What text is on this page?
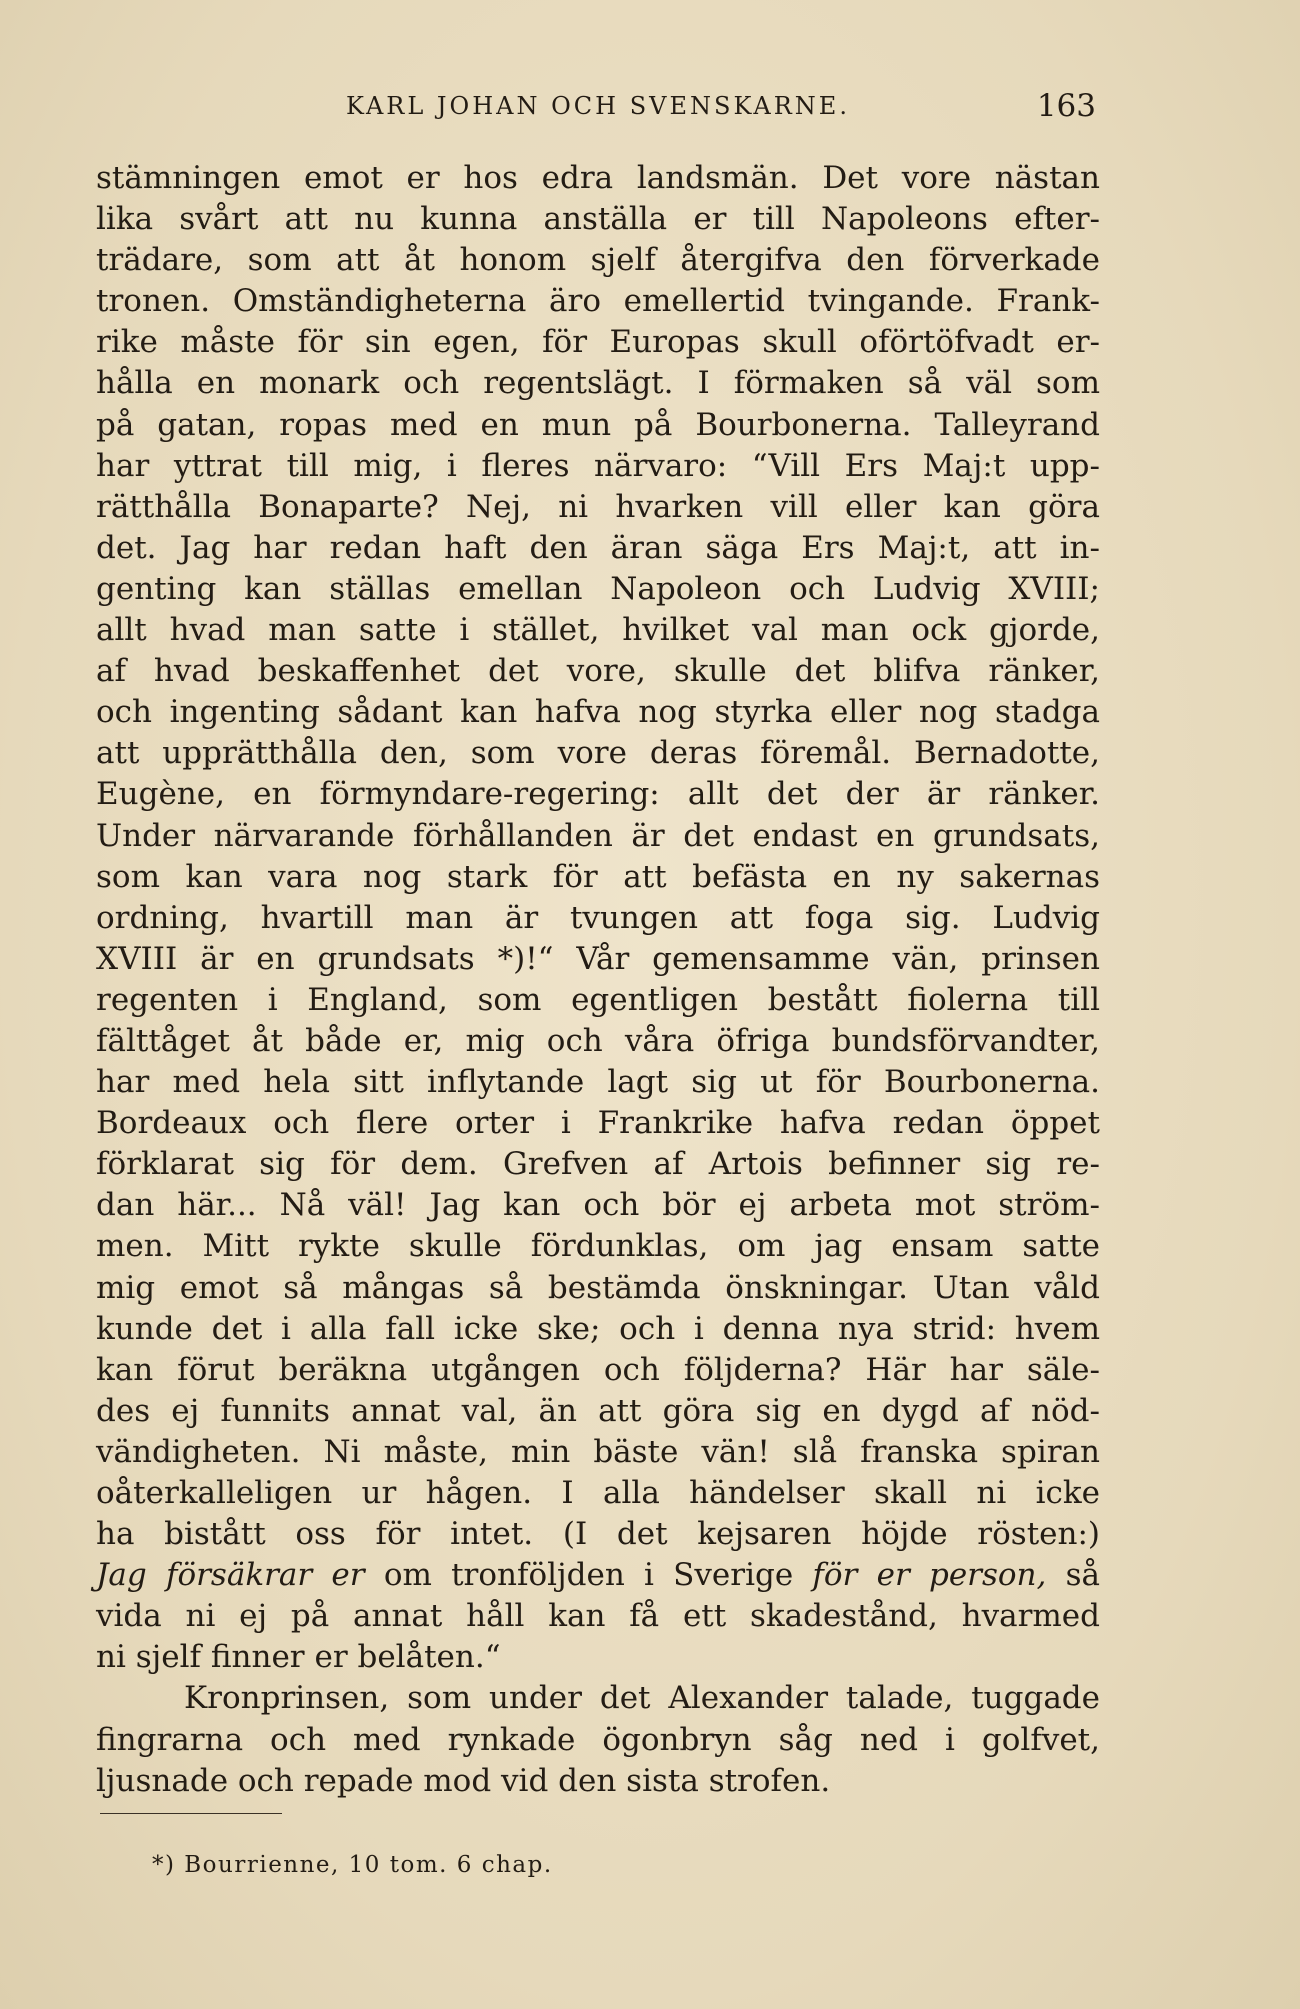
KARL JOHAN OCH SVENSKARNE.	163
stämningen emot er hos edra landsmän. Det vore nästan
lika svårt att nu kunna anställa er till Napoleons efter-
trädare, som att åt honom sjelf återgifva den förverkade
tronen. Omständigheterna äro emellertid tvingande. Frank-
rike måste för sin egen, för Europas skull oförtöfvadt er-
hålla en monark och regentslägt. I förmaken så väl som
på gatan, ropas med en mun på Bourbonerna. Talleyrand
har yttrat till mig, i fleres närvaro: “Vill Ers Maj:t upp-
rätthålla Bonaparte? Nej, ni hvarken vill eller kan göra
det. Jag har redan haft den äran säga Ers Maj:t, att in-
genting kan ställas emellan Napoleon och Ludvig XVIII;
allt hvad man satte i stället, hvilket val man ock gjorde,
af hvad beskaffenhet det vore, skulle det blifva ränker,
och ingenting sådant kan hafva nog styrka eller nog stadga
att upprätthålla den, som vore deras föremål. Bernadotte,
Eugène, en förmyndare-regering: allt det der är ränker.
Under närvarande förhållanden är det endast en grundsats,
som kan vara nog stark för att befästa en ny sakernas
ordning, hvartill man är tvungen att foga sig. Ludvig
XVIII är en grundsats *)!“ Vår gemensamme vän, prinsen
regenten i England, som egentligen bestått fiolerna till
fälttåget åt både er, mig och våra öfriga bundsförvandter,
har med hela sitt inflytande lagt sig ut för Bourbonerna.
Bordeaux och flere orter i Frankrike hafva redan öppet
förklarat sig för dem. Grefven af Artois befinner sig re-
dan här... Nå väl! Jag kan och bör ej arbeta mot ström-
men. Mitt rykte skulle fördunklas, om jag ensam satte
mig emot så mångas så bestämda önskningar. Utan våld
kunde det i alla fall icke ske; och i denna nya strid: hvem
kan förut beräkna utgången och följderna? Här har säle-
des ej funnits annat val, än att göra sig en dygd af nöd-
vändigheten. Ni måste, min bäste vän! slå franska spiran
oåterkalleligen ur hågen. I alla händelser skall ni icke
ha bistått oss för intet. (I det kejsaren höjde rösten:)
Jag försäkrar er om tronföljden i Sverige för er person, så
vida ni ej på annat håll kan få ett skadestånd, hvarmed
ni sjelf finner er belåten.“
Kronprinsen, som under det Alexander talade, tuggade
fingrarna och med rynkade ögonbryn såg ned i golfvet,
ljusnade och repade mod vid den sista strofen.
*) Bourrienne, 10 tom. 6 chap.
